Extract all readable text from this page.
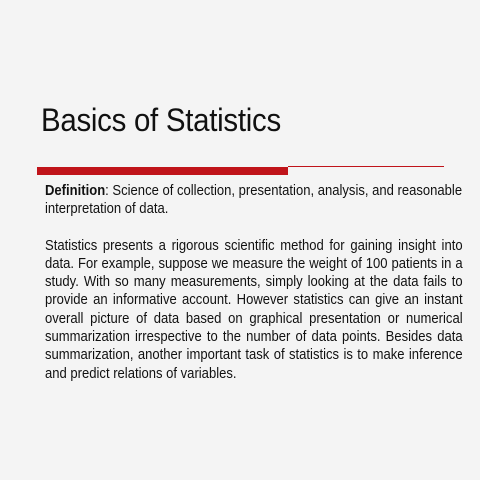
Basics of Statistics

Definition: Science of collection, presentation, analysis, and reasonable interpretation of data.

Statistics presents a rigorous scientific method for gaining insight into data. For example, suppose we measure the weight of 100 patients in a study. With so many measurements, simply looking at the data fails to provide an informative account. However statistics can give an instant overall picture of data based on graphical presentation or numerical summarization irrespective to the number of data points. Besides data summarization, another important task of statistics is to make inference and predict relations of variables.
